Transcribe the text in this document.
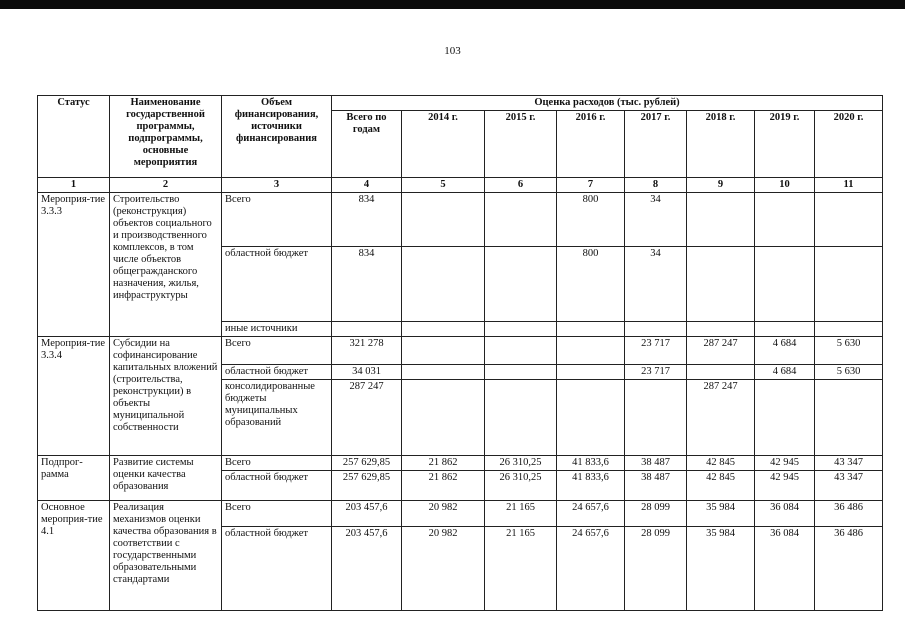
103
Статус	Наименование государственной программы, подпрограммы, основные мероприятия	Объем финансирования, источники финансирования	Оценка расходов (тыс. рублей)							
			Всего по годам	2014 г.	2015 г.	2016 г.	2017 г.	2018 г.	2019 г.	2020 г.
1	2	3	4	5	6	7	8	9	10	11
Мероприя-тие 3.3.3	Строительство (реконструкция) объектов социального и производственного комплексов, в том числе объектов общегражданского назначения, жилья, инфраструктуры	Всего	834			800	34			
		областной бюджет	834			800	34			
		иные источники								
Мероприя-тие 3.3.4	Субсидии на софинансирование капитальных вложений (строительства, реконструкции) в объекты муниципальной собственности	Всего	321 278				23 717	287 247	4 684	5 630
		областной бюджет	34 031				23 717		4 684	5 630
		консолидированные бюджеты муниципальных образований	287 247					287 247		
Подпрог-рамма	Развитие системы оценки качества образования	Всего	257 629,85	21 862	26 310,25	41 833,6	38 487	42 845	42 945	43 347
		областной бюджет	257 629,85	21 862	26 310,25	41 833,6	38 487	42 845	42 945	43 347
Основное мероприя-тие 4.1	Реализация механизмов оценки качества образования в соответствии с государственными образовательными стандартами	Всего	203 457,6	20 982	21 165	24 657,6	28 099	35 984	36 084	36 486
		областной бюджет	203 457,6	20 982	21 165	24 657,6	28 099	35 984	36 084	36 486
